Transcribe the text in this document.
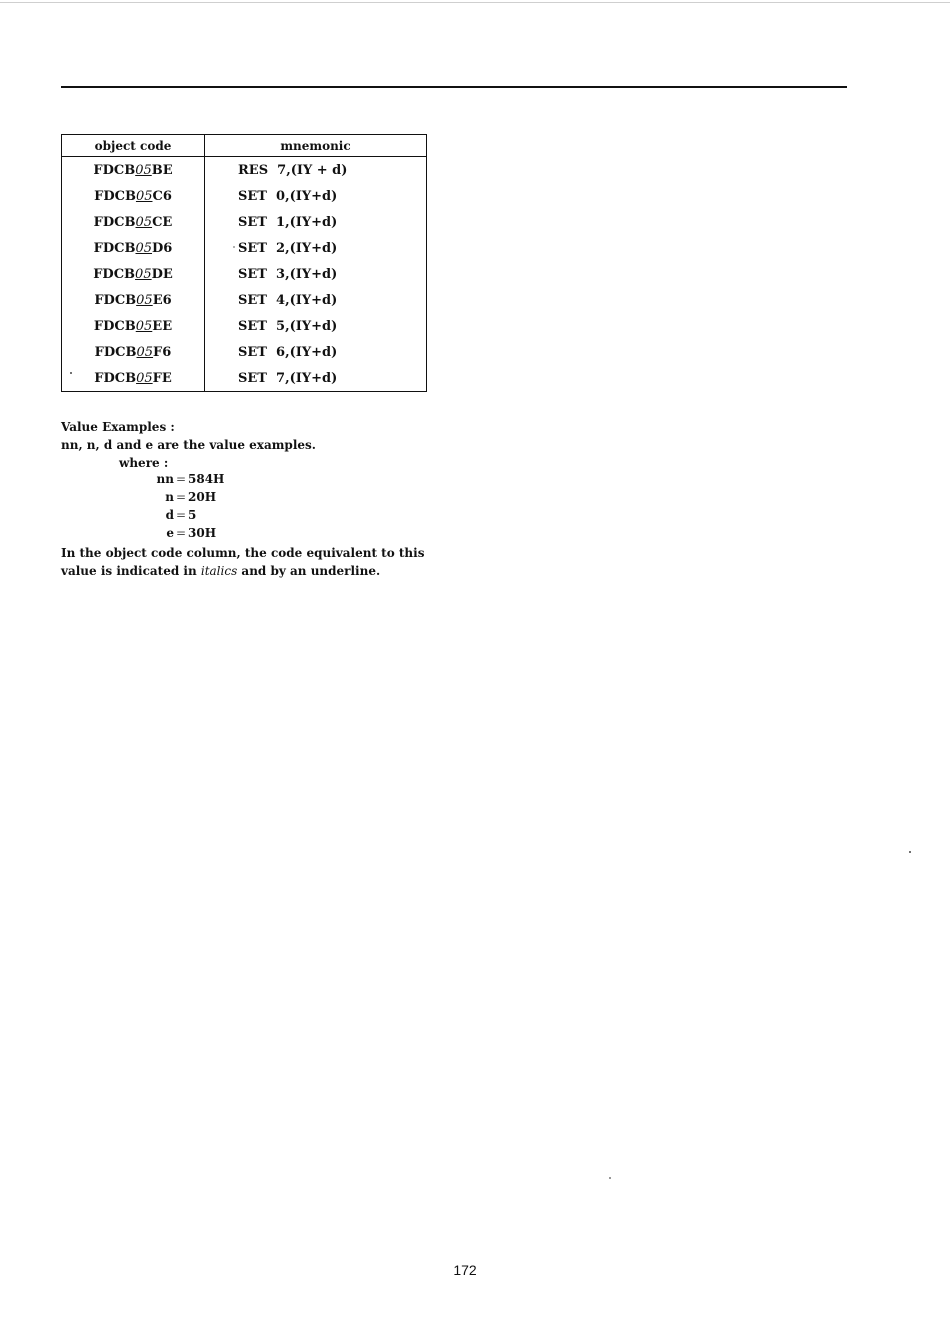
object code	mnemonic
FDCB05BE	RES  7,(IY + d)
FDCB05C6	SET  0,(IY+d)
FDCB05CE	SET  1,(IY+d)
FDCB05D6	SET  2,(IY+d)
FDCB05DE	SET  3,(IY+d)
FDCB05E6	SET  4,(IY+d)
FDCB05EE	SET  5,(IY+d)
FDCB05F6	SET  6,(IY+d)
FDCB05FE	SET  7,(IY+d)
Value Examples :
nn, n, d and e are the value examples.
where :
nn = 584H
n = 20H
d = 5
e = 30H
In the object code column, the code equivalent to this
value is indicated in italics and by an underline.
172
